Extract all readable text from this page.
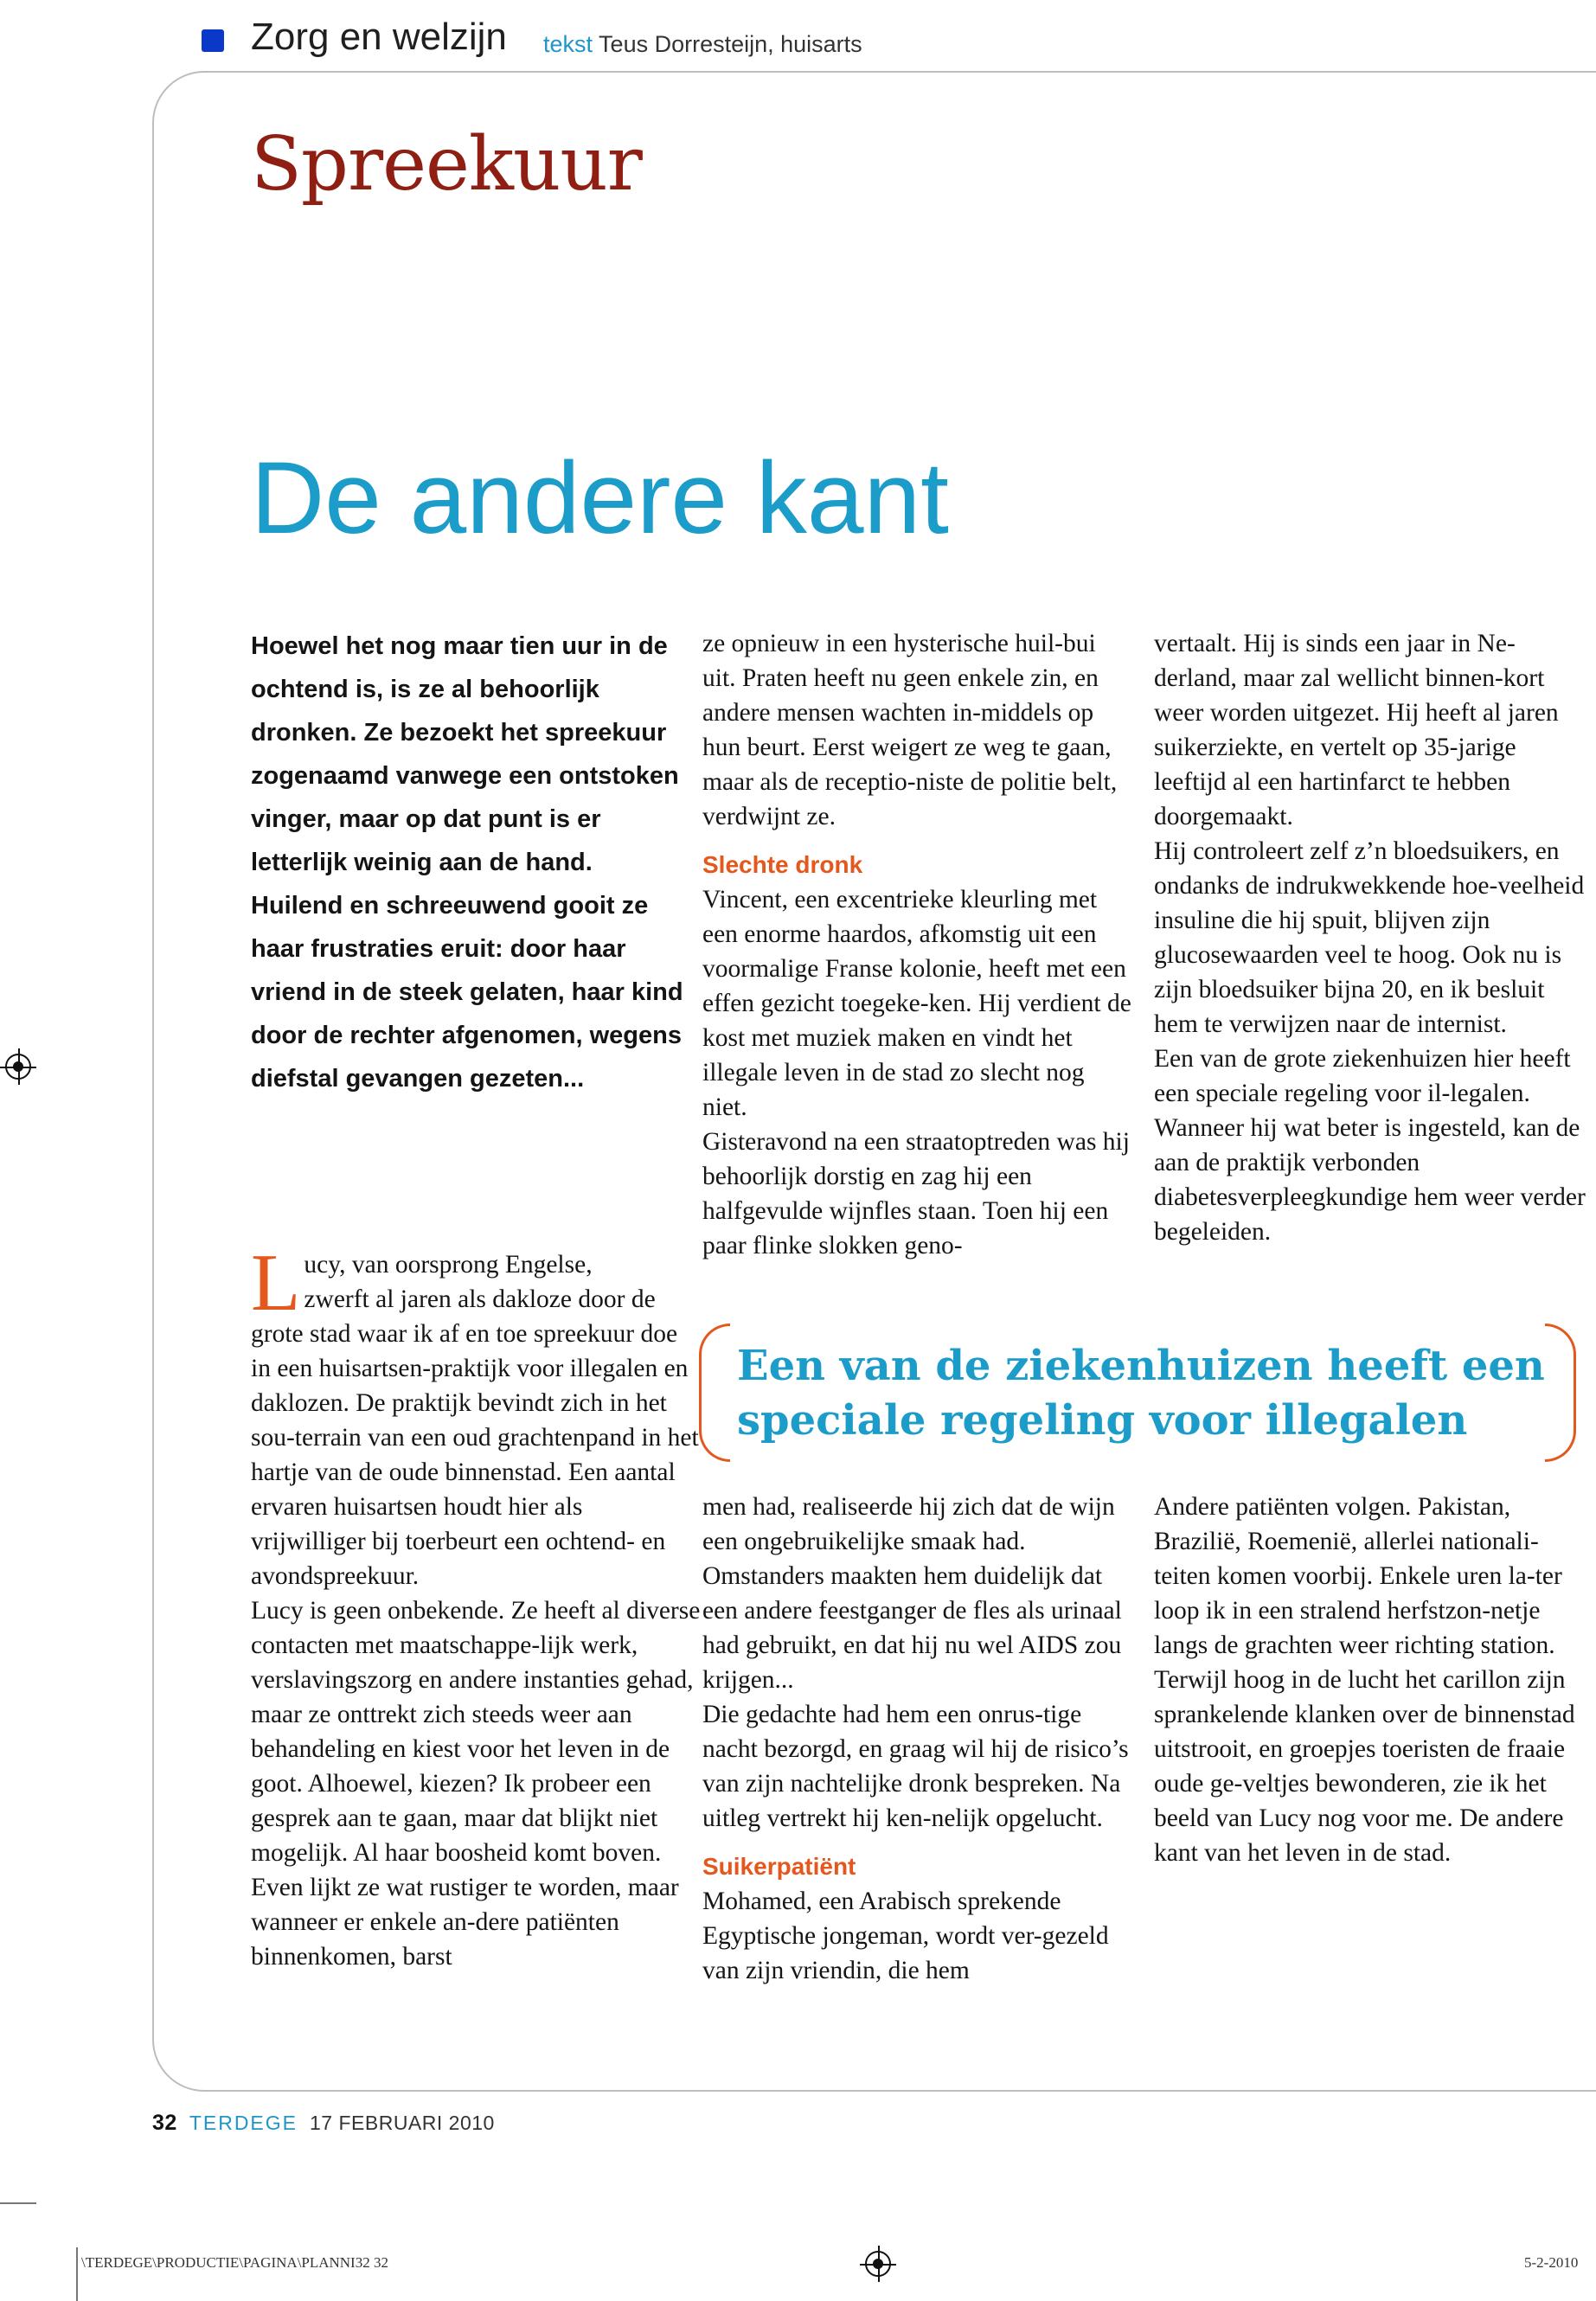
Zorg en welzijn tekst Teus Dorresteijn, huisarts
Spreekuur
De andere kant
Hoewel het nog maar tien uur in de ochtend is, is ze al behoorlijk dronken. Ze bezoekt het spreekuur zogenaamd vanwege een ontstoken vinger, maar op dat punt is er letterlijk weinig aan de hand. Huilend en schreeuwend gooit ze haar frustraties eruit: door haar vriend in de steek gelaten, haar kind door de rechter afgenomen, wegens diefstal gevangen gezeten...
Lucy, van oorsprong Engelse,
zwerft al jaren als dakloze door de grote stad waar ik af en toe spreekuur doe in een huisartsen-praktijk voor illegalen en daklozen. De praktijk bevindt zich in het sou-terrain van een oud grachtenpand in het hartje van de oude binnenstad. Een aantal ervaren huisartsen houdt hier als vrijwilliger bij toerbeurt een ochtend- en avondspreekuur.
Lucy is geen onbekende. Ze heeft al diverse contacten met maatschappe-lijk werk, verslavingszorg en andere instanties gehad, maar ze onttrekt zich steeds weer aan behandeling en kiest voor het leven in de goot. Alhoewel, kiezen? Ik probeer een gesprek aan te gaan, maar dat blijkt niet mogelijk. Al haar boosheid komt boven. Even lijkt ze wat rustiger te worden, maar wanneer er enkele an-dere patiënten binnenkomen, barst
ze opnieuw in een hysterische huil-bui uit. Praten heeft nu geen enkele zin, en andere mensen wachten in-middels op hun beurt. Eerst weigert ze weg te gaan, maar als de receptio-niste de politie belt, verdwijnt ze.
Slechte dronk
Vincent, een excentrieke kleurling met een enorme haardos, afkomstig uit een voormalige Franse kolonie, heeft met een effen gezicht toegeke-ken. Hij verdient de kost met muziek maken en vindt het illegale leven in de stad zo slecht nog niet.
Gisteravond na een straatoptreden was hij behoorlijk dorstig en zag hij een halfgevulde wijnfles staan. Toen hij een paar flinke slokken geno-
vertaalt. Hij is sinds een jaar in Ne-derland, maar zal wellicht binnen-kort weer worden uitgezet. Hij heeft al jaren suikerziekte, en vertelt op 35-jarige leeftijd al een hartinfarct te hebben doorgemaakt.
Hij controleert zelf z’n bloedsuikers, en ondanks de indrukwekkende hoe-veelheid insuline die hij spuit, blijven zijn glucosewaarden veel te hoog. Ook nu is zijn bloedsuiker bijna 20, en ik besluit hem te verwijzen naar de internist.
Een van de grote ziekenhuizen hier heeft een speciale regeling voor il-legalen. Wanneer hij wat beter is ingesteld, kan de aan de praktijk verbonden diabetesverpleegkundige hem weer verder begeleiden.
Een van de ziekenhuizen heeft een speciale regeling voor illegalen
men had, realiseerde hij zich dat de wijn een ongebruikelijke smaak had. Omstanders maakten hem duidelijk dat een andere feestganger de fles als urinaal had gebruikt, en dat hij nu wel AIDS zou krijgen...
Die gedachte had hem een onrus-tige nacht bezorgd, en graag wil hij de risico’s van zijn nachtelijke dronk bespreken. Na uitleg vertrekt hij ken-nelijk opgelucht.
Suikerpatiënt
Mohamed, een Arabisch sprekende Egyptische jongeman, wordt ver-gezeld van zijn vriendin, die hem
Andere patiënten volgen. Pakistan, Brazilië, Roemenië, allerlei nationali-teiten komen voorbij. Enkele uren la-ter loop ik in een stralend herfstzon-netje langs de grachten weer richting station. Terwijl hoog in de lucht het carillon zijn sprankelende klanken over de binnenstad uitstrooit, en groepjes toeristen de fraaie oude ge-veltjes bewonderen, zie ik het beeld van Lucy nog voor me. De andere kant van het leven in de stad.
32 TERDEGE 17 FEBRUARI 2010
\TERDEGE\PRODUCTIE\PAGINA\PLANNI32 32	5-2-2010
